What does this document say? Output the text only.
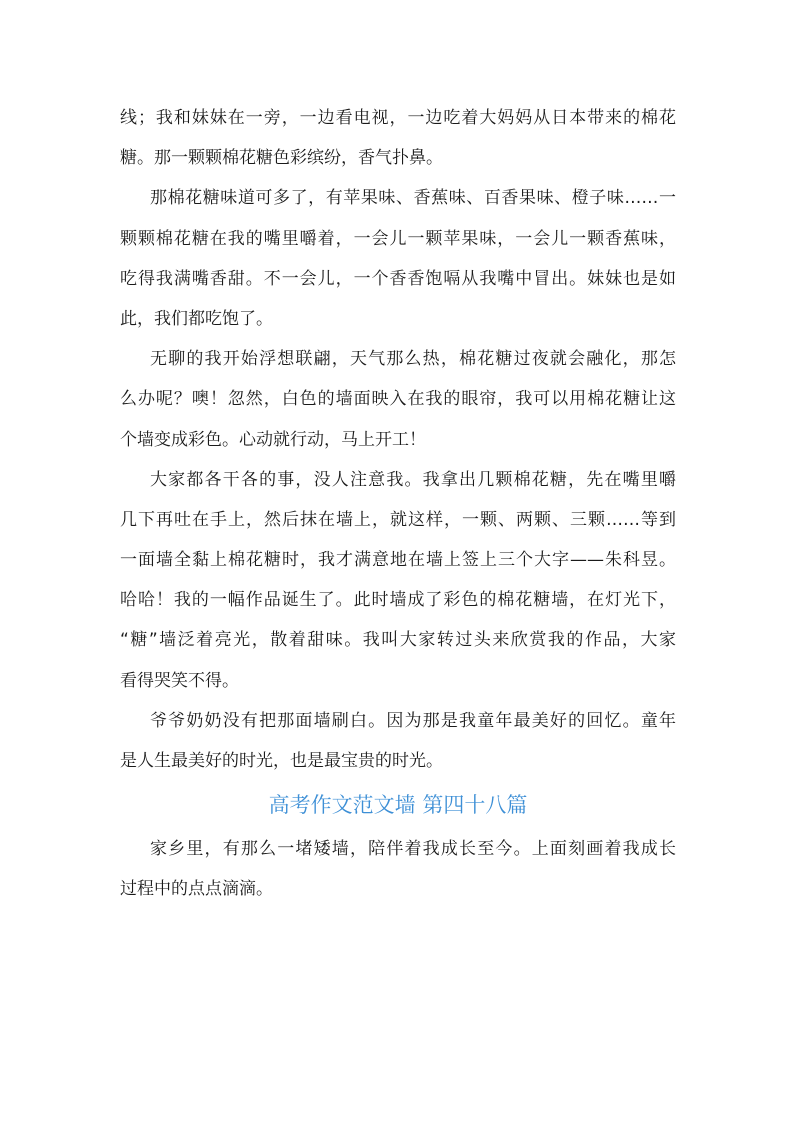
线；我和妹妹在一旁，一边看电视，一边吃着大妈妈从日本带来的棉花
糖。那一颗颗棉花糖色彩缤纷，香气扑鼻。
那棉花糖味道可多了，有苹果味、香蕉味、百香果味、橙子味……一
颗颗棉花糖在我的嘴里嚼着，一会儿一颗苹果味，一会儿一颗香蕉味，
吃得我满嘴香甜。不一会儿，一个香香饱嗝从我嘴中冒出。妹妹也是如
此，我们都吃饱了。
无聊的我开始浮想联翩，天气那么热，棉花糖过夜就会融化，那怎
么办呢？噢！忽然，白色的墙面映入在我的眼帘，我可以用棉花糖让这
个墙变成彩色。心动就行动，马上开工！
大家都各干各的事，没人注意我。我拿出几颗棉花糖，先在嘴里嚼
几下再吐在手上，然后抹在墙上，就这样，一颗、两颗、三颗……等到
一面墙全黏上棉花糖时，我才满意地在墙上签上三个大字——朱科昱。
哈哈！我的一幅作品诞生了。此时墙成了彩色的棉花糖墙，在灯光下，
“糖”墙泛着亮光，散着甜味。我叫大家转过头来欣赏我的作品，大家
看得哭笑不得。
爷爷奶奶没有把那面墙刷白。因为那是我童年最美好的回忆。童年
是人生最美好的时光，也是最宝贵的时光。
高考作文范文墙 第四十八篇
家乡里，有那么一堵矮墙，陪伴着我成长至今。上面刻画着我成长
过程中的点点滴滴。
